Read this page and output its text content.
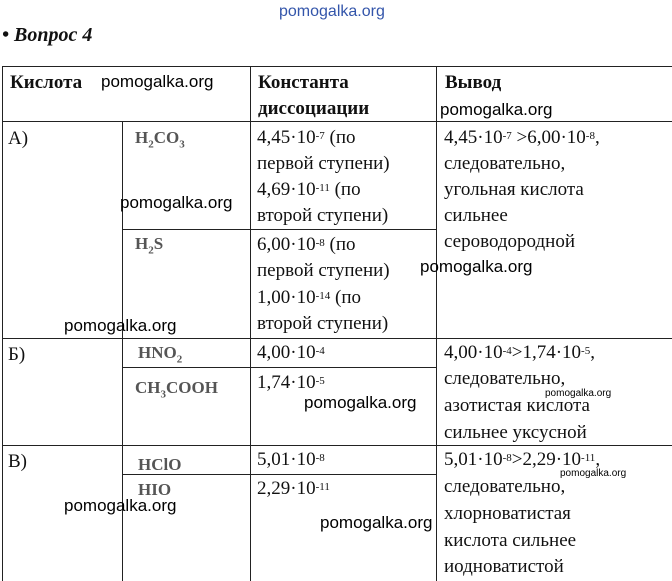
• Вопрос 4
Кислота	Константа
диссоциации
Вывод
А)
Б)
В)
$H_2CO_3$
$H_2S$
$HNO_2$
$CH_3COOH$
HClO
HIO
$4,45\cdot 10^{-7}$ (по
первой ступени)
$4,69\cdot 10^{-11}$ (по
второй ступени)
$6,00\cdot 10^{-8}$ (по
первой ступени)
$1,00\cdot 10^{-14}$ (по
второй ступени)
$4,00\cdot 10^{-4}$
$1,74\cdot 10^{-5}$
$5,01\cdot 10^{-8}$
$2,29\cdot 10^{-11}$
$4,45\cdot 10^{-7} >6,00\cdot 10^{-8}$,
следовательно,
угольная кислота
сильнее
сероводородной
$4,00\cdot 10^{-4}>1,74\cdot 10^{-5}$,
следовательно,
азотистая кислота
сильнее уксусной
$5,01\cdot 10^{-8}>2,29\cdot 10^{-11}$,
следовательно,
хлорноватистая
кислота сильнее
иодноватистой
pomogalka.org
pomogalka.org
pomogalka.org
pomogalka.org
pomogalka.org
pomogalka.org
pomogalka.org	pomogalka.org
pomogalka.org
pomogalka.org
pomogalka.org
